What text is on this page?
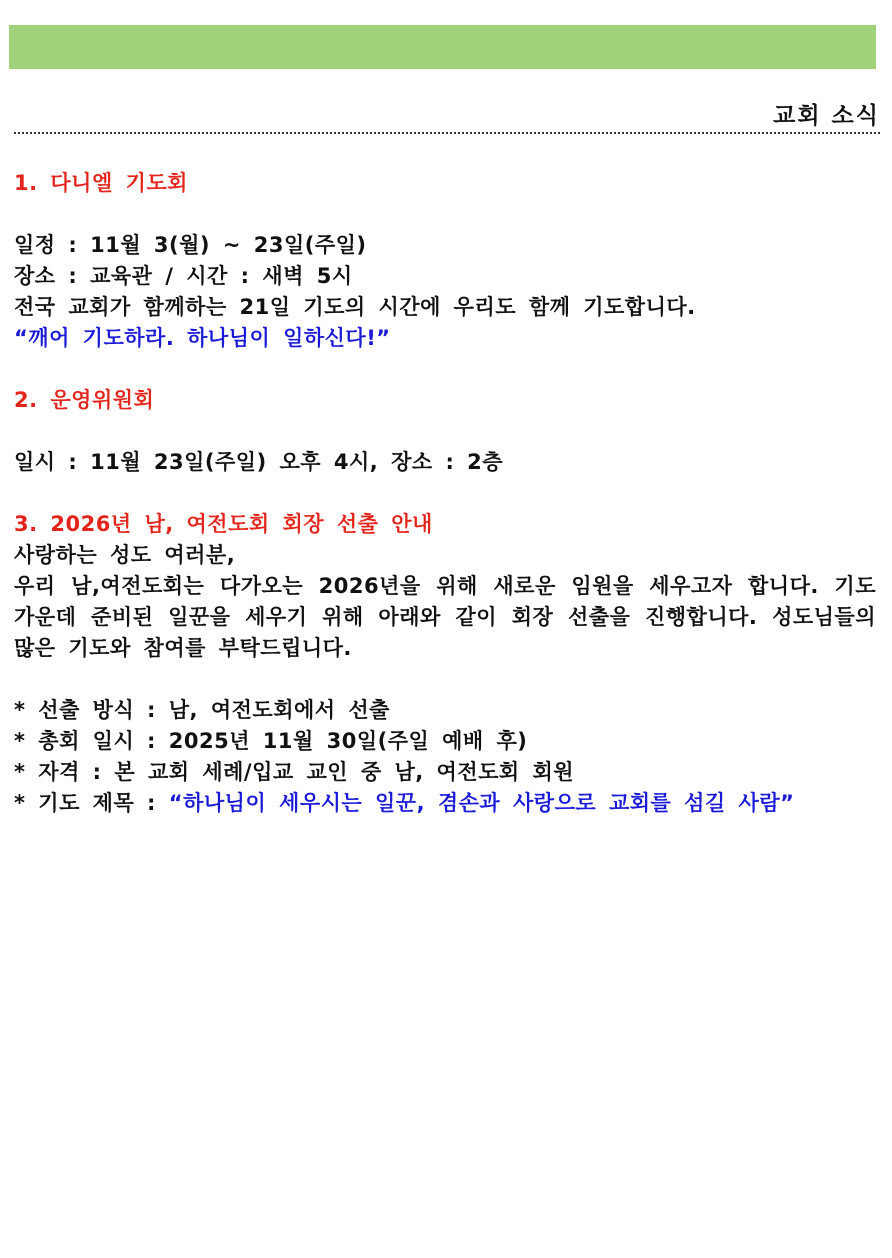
교회 소식

1. 다니엘 기도회

일정 : 11월 3(월) ~ 23일(주일)

장소 : 교육관 / 시간 : 새벽 5시

전국 교회가 함께하는 21일 기도의 시간에 우리도 함께 기도합니다.

“깨어 기도하라. 하나님이 일하신다!”

2. 운영위원회

일시 : 11월 23일(주일) 오후 4시, 장소 : 2층

3. 2026년 남, 여전도회 회장 선출 안내

사랑하는 성도 여러분,

우리 남,여전도회는 다가오는 2026년을 위해 새로운 임원을 세우고자 합니다. 기도 가운데 준비된 일꾼을 세우기 위해 아래와 같이 회장 선출을 진행합니다. 성도님들의 많은 기도와 참여를 부탁드립니다.

* 선출 방식 : 남, 여전도회에서 선출

* 총회 일시 : 2025년 11월 30일(주일 예배 후)

* 자격 : 본 교회 세례/입교 교인 중 남, 여전도회 회원

* 기도 제목 : “하나님이 세우시는 일꾼, 겸손과 사랑으로 교회를 섬길 사람”
